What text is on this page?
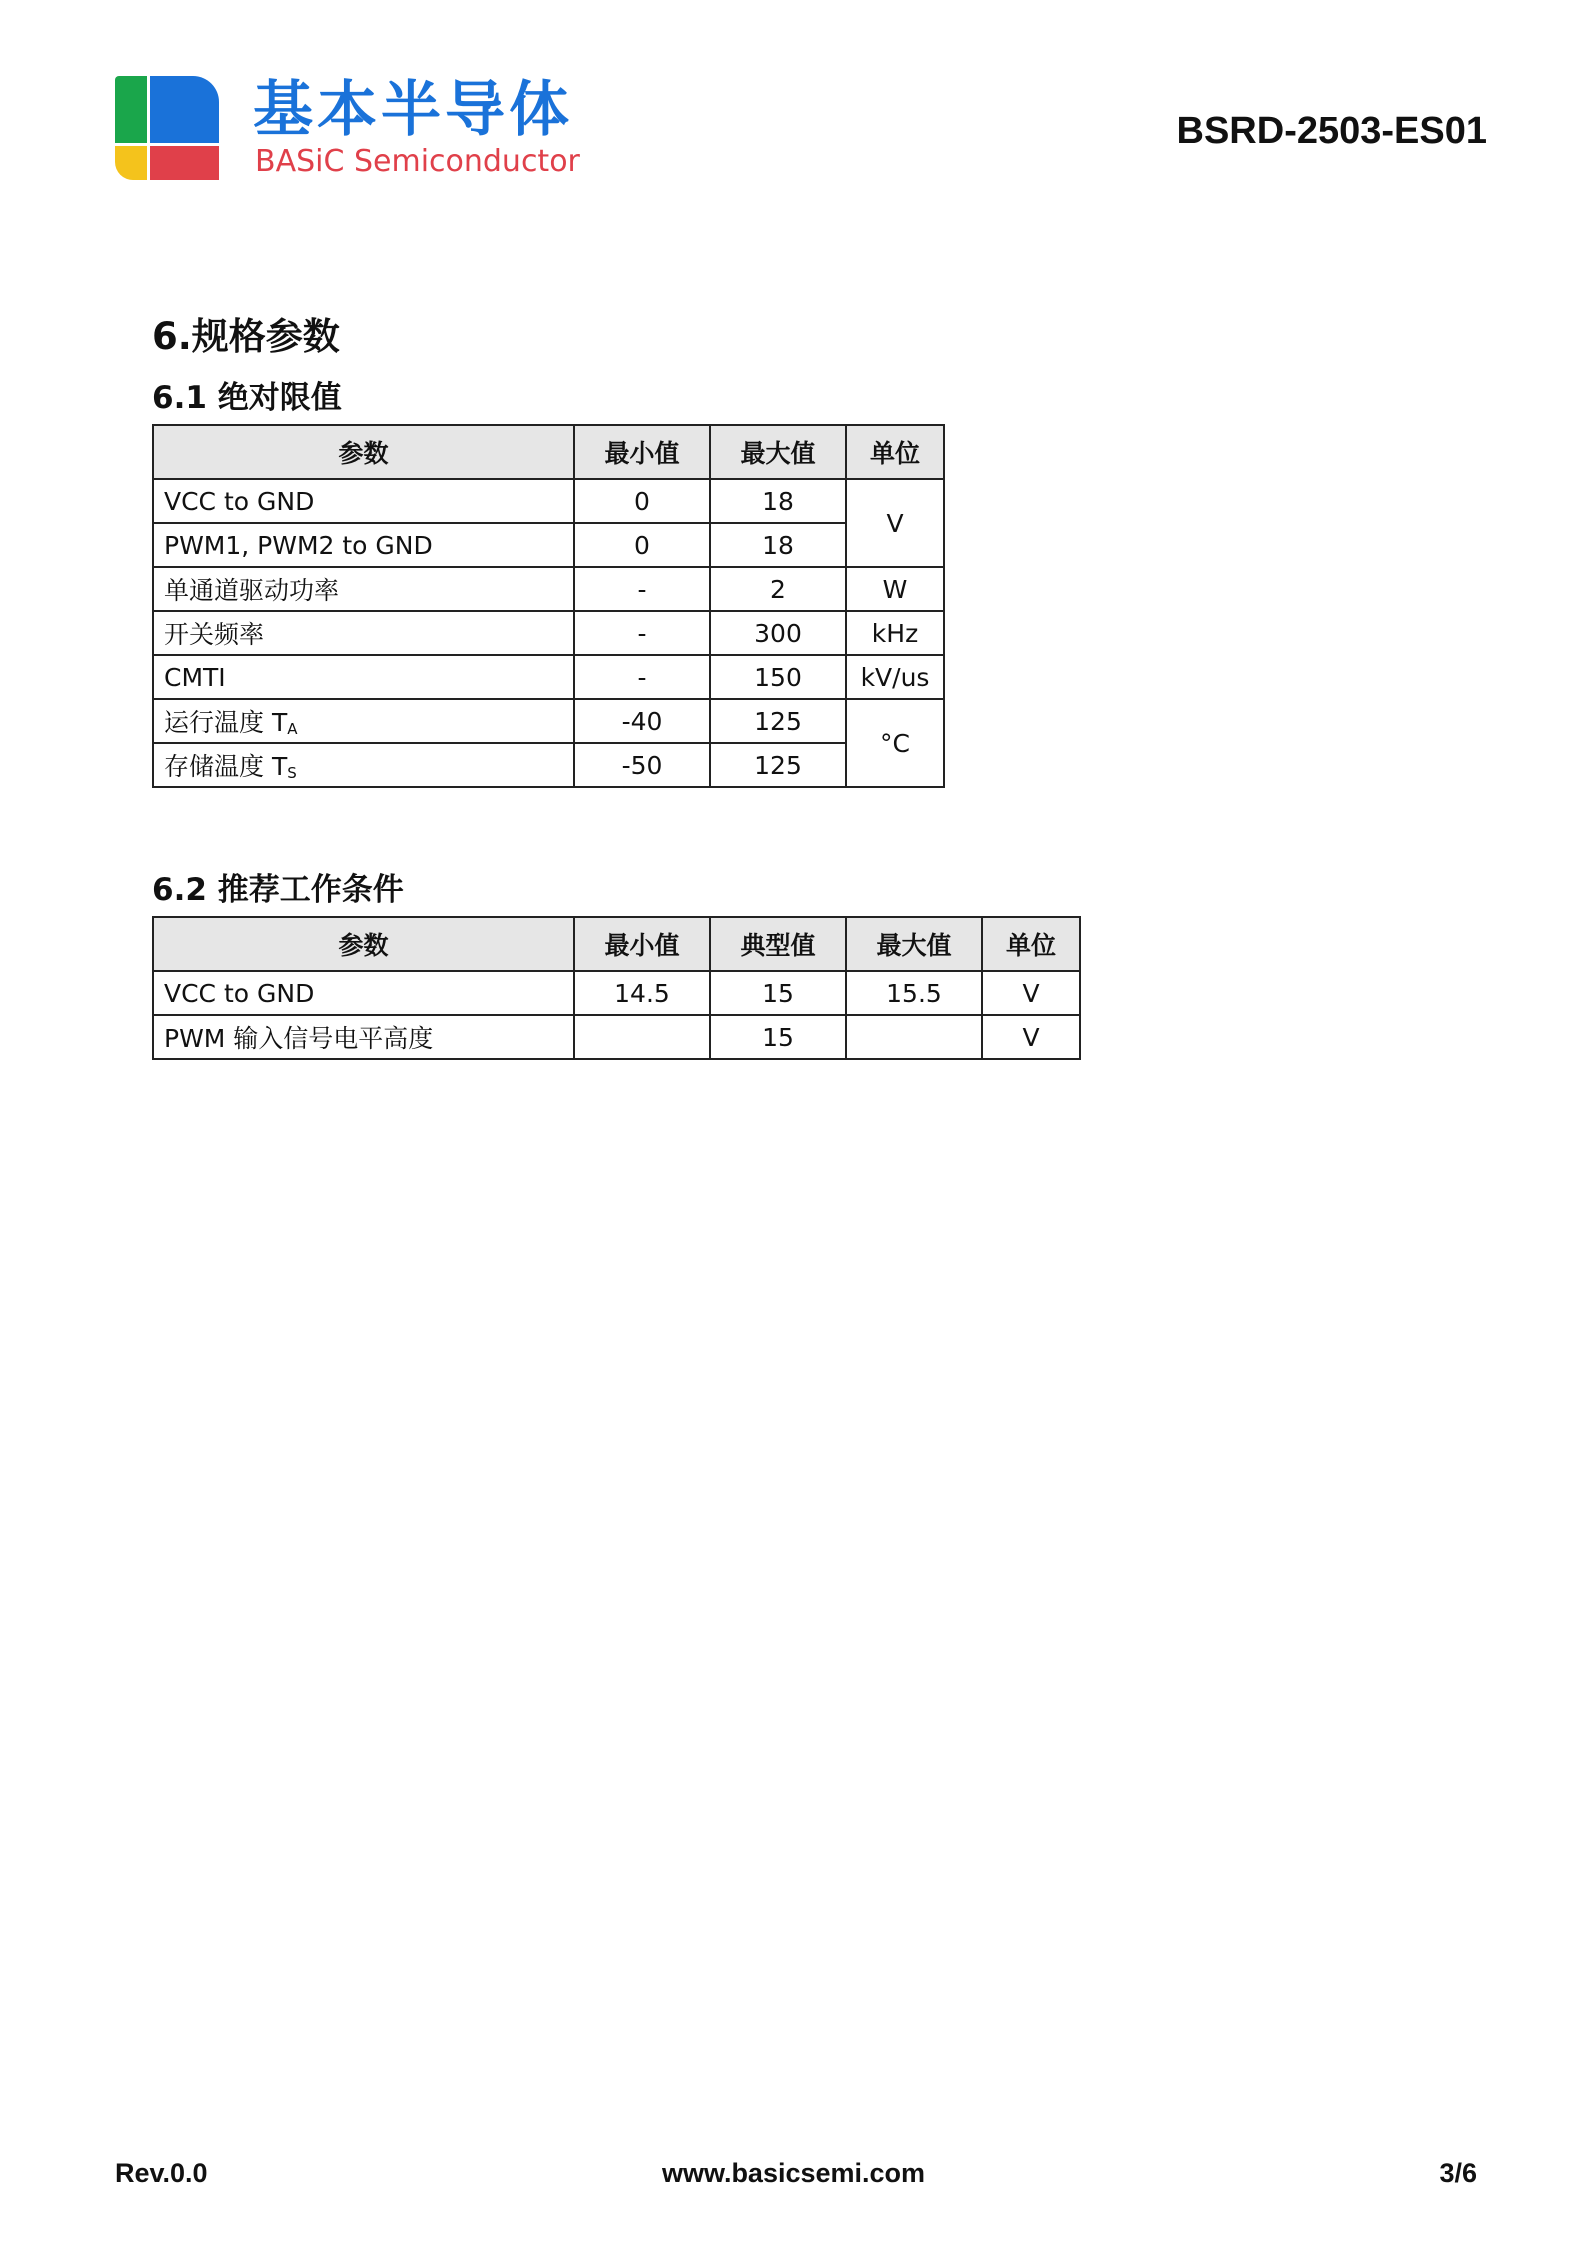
基本半导体
BASiC Semiconductor
BSRD-2503-ES01
6.规格参数
6.1 绝对限值
参数	最小值	最大值	单位
VCC to GND	0	18	V
PWM1, PWM2 to GND	0	18	
单通道驱动功率	-	2	W
开关频率	-	300	kHz
CMTI	-	150	kV/us
运行温度 $T_A$	-40	125	°C
存储温度 $T_S$	-50	125	
6.2 推荐工作条件
参数	最小值	典型值	最大值	单位
VCC to GND	14.5	15	15.5	V
PWM 输入信号电平高度		15		V
Rev.0.0	www.basicsemi.com	3/6
